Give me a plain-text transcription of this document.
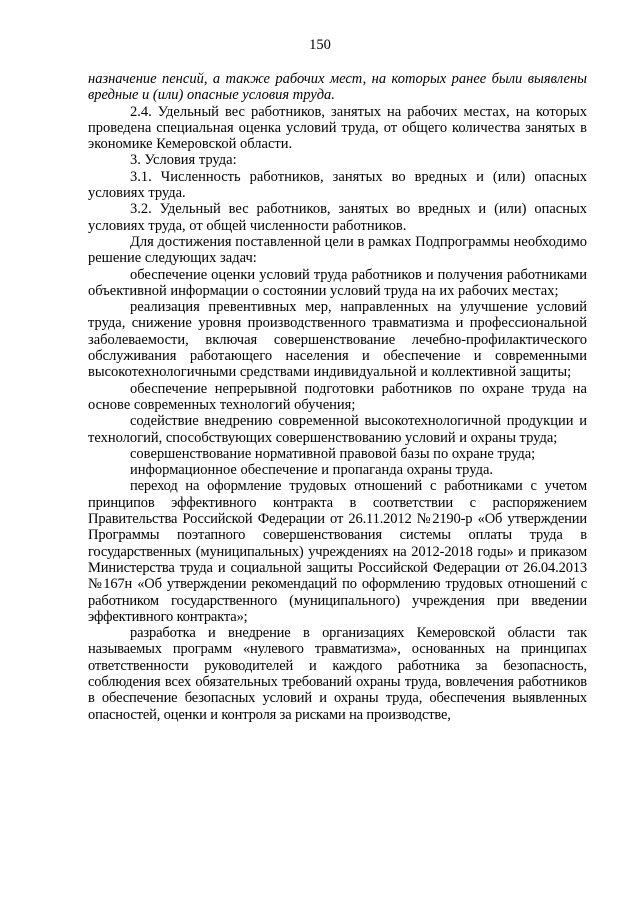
150

назначение пенсий, а также рабочих мест, на которых ранее были выявлены вредные и (или) опасные условия труда.

2.4. Удельный вес работников, занятых на рабочих местах, на которых проведена специальная оценка условий труда, от общего количества занятых в экономике Кемеровской области.

3. Условия труда:

3.1. Численность работников, занятых во вредных и (или) опасных условиях труда.

3.2. Удельный вес работников, занятых во вредных и (или) опасных условиях труда, от общей численности работников.

Для достижения поставленной цели в рамках Подпрограммы необходимо решение следующих задач:

обеспечение оценки условий труда работников и получения работниками объективной информации о состоянии условий труда на их рабочих местах;

реализация превентивных мер, направленных на улучшение условий труда, снижение уровня производственного травматизма и профессиональной заболеваемости, включая совершенствование лечебно-профилактического обслуживания работающего населения и обеспечение и современными высокотехнологичными средствами индивидуальной и коллективной защиты;

обеспечение непрерывной подготовки работников по охране труда на основе современных технологий обучения;

содействие внедрению современной высокотехнологичной продукции и технологий, способствующих совершенствованию условий и охраны труда;

совершенствование нормативной правовой базы по охране труда;

информационное обеспечение и пропаганда охраны труда.

переход на оформление трудовых отношений с работниками с учетом принципов эффективного контракта в соответствии с распоряжением Правительства Российской Федерации от 26.11.2012 №2190-р «Об утверждении Программы поэтапного совершенствования системы оплаты труда в государственных (муниципальных) учреждениях на 2012-2018 годы» и приказом Министерства труда и социальной защиты Российской Федерации от 26.04.2013 №167н «Об утверждении рекомендаций по оформлению трудовых отношений с работником государственного (муниципального) учреждения при введении эффективного контракта»;

разработка и внедрение в организациях Кемеровской области так называемых программ «нулевого травматизма», основанных на принципах ответственности руководителей и каждого работника за безопасность, соблюдения всех обязательных требований охраны труда, вовлечения работников в обеспечение безопасных условий и охраны труда, обеспечения выявленных опасностей, оценки и контроля за рисками на производстве,
